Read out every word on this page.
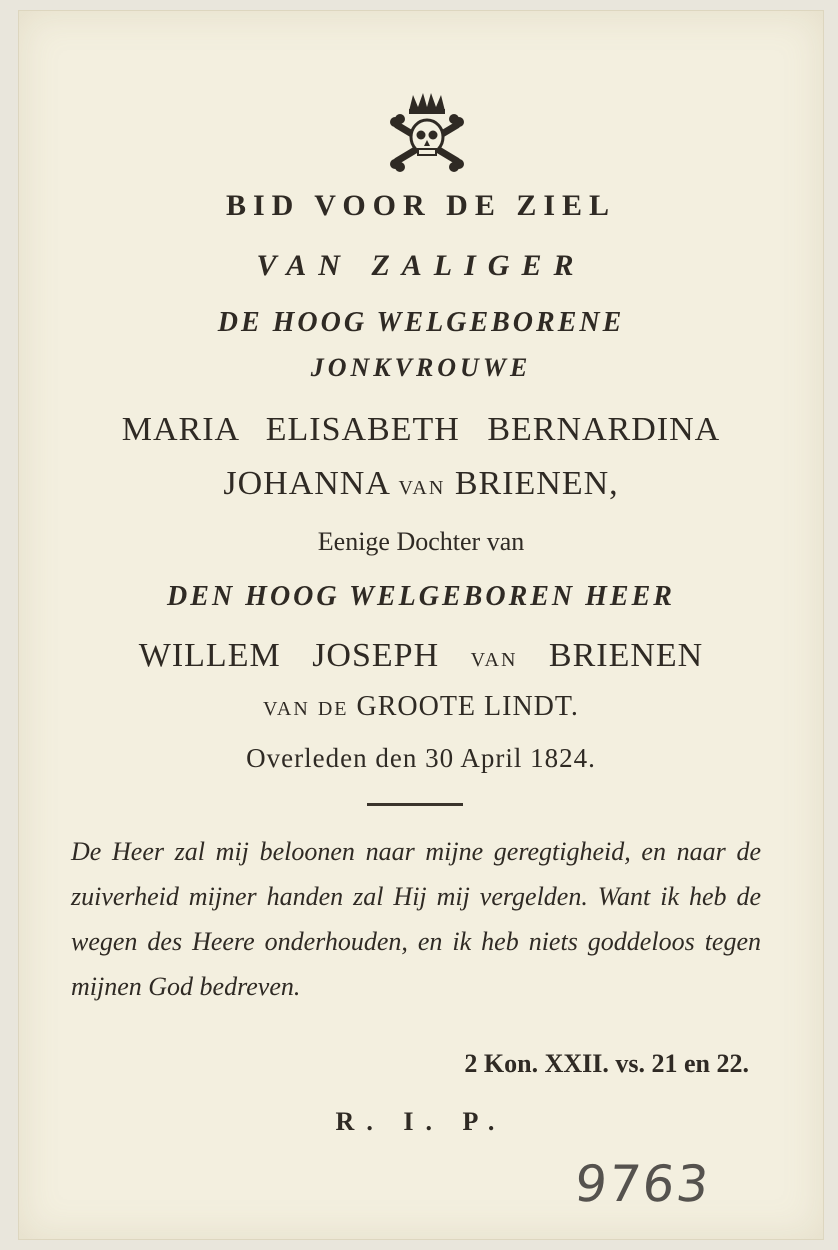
BID VOOR DE ZIEL
VAN ZALIGER
DE HOOG WELGEBORENE
JONKVROUWE
MARIA ELISABETH BERNARDINA
JOHANNA VAN BRIENEN,
Eenige Dochter van
DEN HOOG WELGEBOREN HEER
WILLEM JOSEPH VAN BRIENEN
VAN DE GROOTE LINDT.
Overleden den 30 April 1824.
De Heer zal mij beloonen naar mijne geregtigheid, en naar de zuiverheid mijner handen zal Hij mij vergelden. Want ik heb de wegen des Heere onderhouden, en ik heb niets goddeloos tegen mijnen God bedreven.
2 Kon. XXII. vs. 21 en 22.
R. I. P.
9763
